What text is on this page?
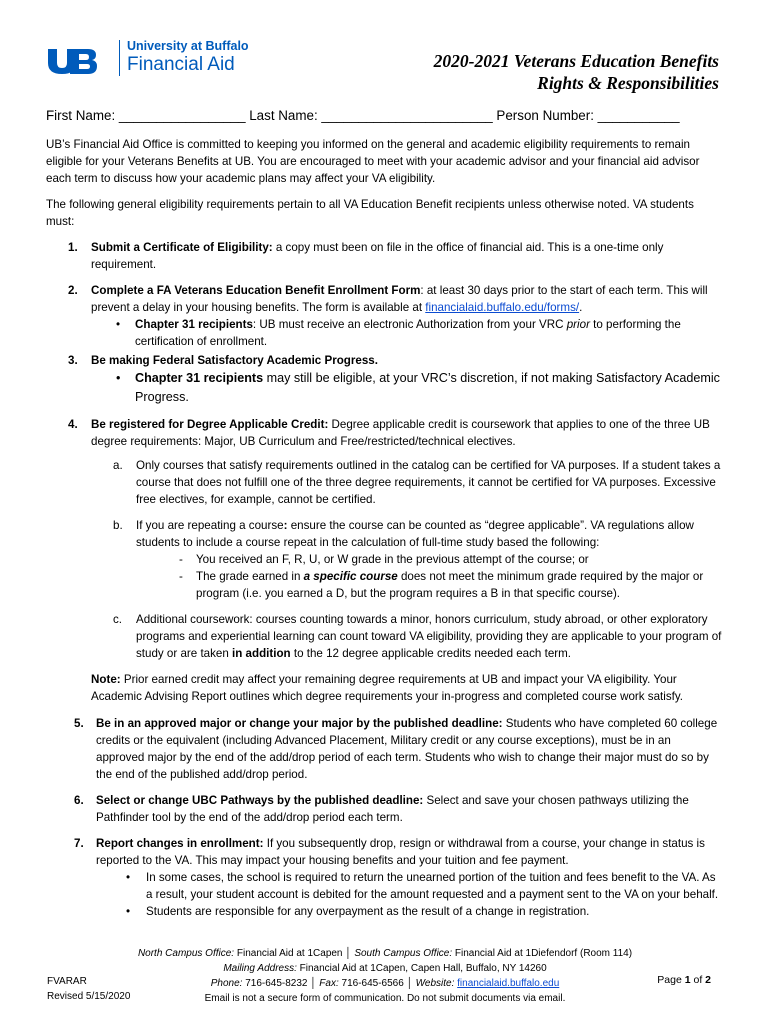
University at Buffalo
Financial Aid	2020-2021 Veterans Education Benefits
Rights & Responsibilities
First Name: _________________ Last Name: _______________________ Person Number: ___________

UB’s Financial Aid Office is committed to keeping you informed on the general and academic eligibility requirements to remain eligible for your Veterans Benefits at UB. You are encouraged to meet with your academic advisor and your financial aid advisor each term to discuss how your academic plans may affect your VA eligibility.

The following general eligibility requirements pertain to all VA Education Benefit recipients unless otherwise noted. VA students must:

1. Submit a Certificate of Eligibility: a copy must been on file in the office of financial aid. This is a one-time only requirement.
2. Complete a FA Veterans Education Benefit Enrollment Form: at least 30 days prior to the start of each term. This will prevent a delay in your housing benefits. The form is available at financialaid.buffalo.edu/forms/.
• Chapter 31 recipients: UB must receive an electronic Authorization from your VRC prior to performing the certification of enrollment.
3. Be making Federal Satisfactory Academic Progress.
• Chapter 31 recipients may still be eligible, at your VRC’s discretion, if not making Satisfactory Academic Progress.
4. Be registered for Degree Applicable Credit: Degree applicable credit is coursework that applies to one of the three UB degree requirements: Major, UB Curriculum and Free/restricted/technical electives.
a. Only courses that satisfy requirements outlined in the catalog can be certified for VA purposes. If a student takes a course that does not fulfill one of the three degree requirements, it cannot be certified for VA purposes. Excessive free electives, for example, cannot be certified.
b. If you are repeating a course: ensure the course can be counted as “degree applicable”. VA regulations allow students to include a course repeat in the calculation of full-time study based the following:
- You received an F, R, U, or W grade in the previous attempt of the course; or
- The grade earned in a specific course does not meet the minimum grade required by the major or program (i.e. you earned a D, but the program requires a B in that specific course).
c. Additional coursework: courses counting towards a minor, honors curriculum, study abroad, or other exploratory programs and experiential learning can count toward VA eligibility, providing they are applicable to your program of study or are taken in addition to the 12 degree applicable credits needed each term.
Note: Prior earned credit may affect your remaining degree requirements at UB and impact your VA eligibility. Your Academic Advising Report outlines which degree requirements your in-progress and completed course work satisfy.
5. Be in an approved major or change your major by the published deadline: Students who have completed 60 college credits or the equivalent (including Advanced Placement, Military credit or any course exceptions), must be in an approved major by the end of the add/drop period of each term. Students who wish to change their major must do so by the end of the published add/drop period.
6. Select or change UBC Pathways by the published deadline: Select and save your chosen pathways utilizing the Pathfinder tool by the end of the add/drop period each term.
7. Report changes in enrollment: If you subsequently drop, resign or withdrawal from a course, your change in status is reported to the VA. This may impact your housing benefits and your tuition and fee payment.
• In some cases, the school is required to return the unearned portion of the tuition and fees benefit to the VA. As a result, your student account is debited for the amount requested and a payment sent to the VA on your behalf.
• Students are responsible for any overpayment as the result of a change in registration.
North Campus Office: Financial Aid at 1Capen │ South Campus Office: Financial Aid at 1Diefendorf (Room 114)
Mailing Address: Financial Aid at 1Capen, Capen Hall, Buffalo, NY 14260
Phone: 716-645-8232 │ Fax: 716-645-6566 │ Website: financialaid.buffalo.edu
Email is not a secure form of communication. Do not submit documents via email.
FVARAR
Revised 5/15/2020
Page 1 of 2
